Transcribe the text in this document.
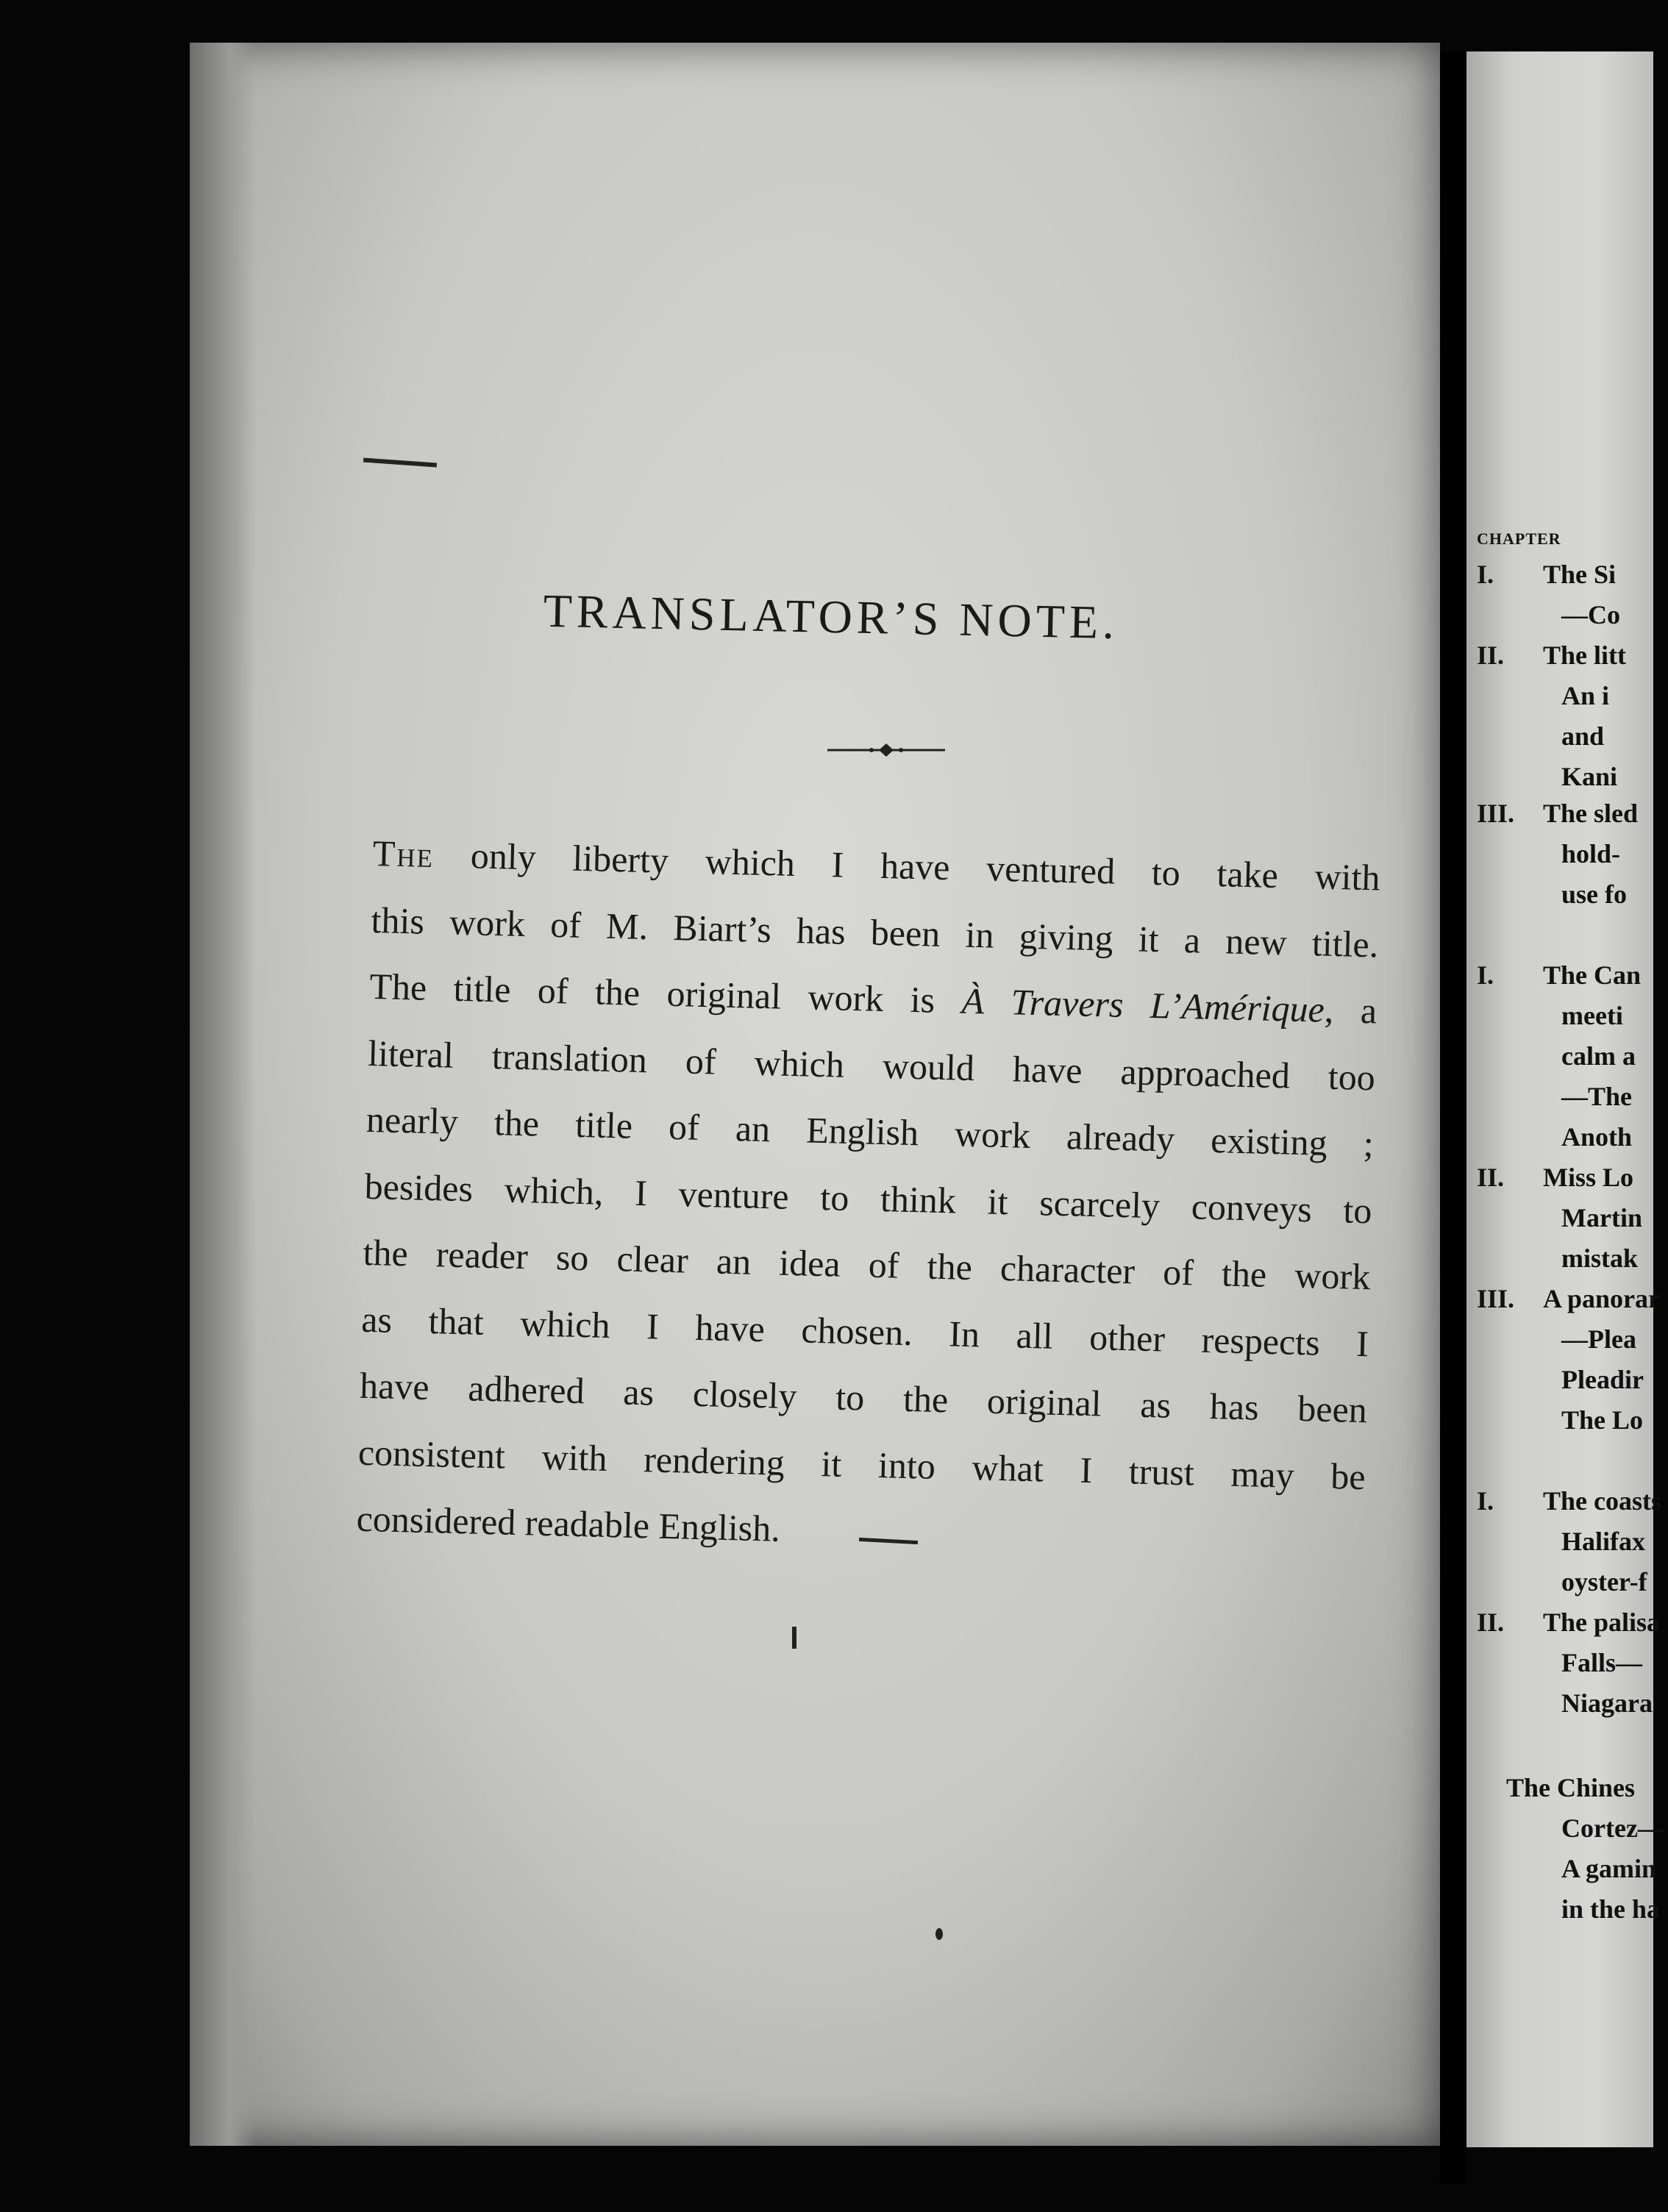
TRANSLATOR’S NOTE.
The only liberty which I have ventured to take with
this work of M. Biart’s has been in giving it a new title.
The title of the original work is À Travers L’Amérique, a
literal translation of which would have approached too
nearly the title of an English work already existing ;
besides which, I venture to think it scarcely conveys to
the reader so clear an idea of the character of the work
as that which I have chosen. In all other respects I
have adhered as closely to the original as has been
consistent with rendering it into what I trust may be
considered readable English.
CHAPTER
I. The Si
—Co
II. The litt
An i
and
Kani
III. The sled
hold-
use fo
I. The Can
meeti
calm a
—The
Anoth
II. Miss Lo
Martin
mistak
III. A panorar
—Plea
Pleadir
The Lo
I. The coasts
Halifax
oyster-f
II. The palisa
Falls—
Niagara
The Chines
Cortez—
A gamin
in the ha
